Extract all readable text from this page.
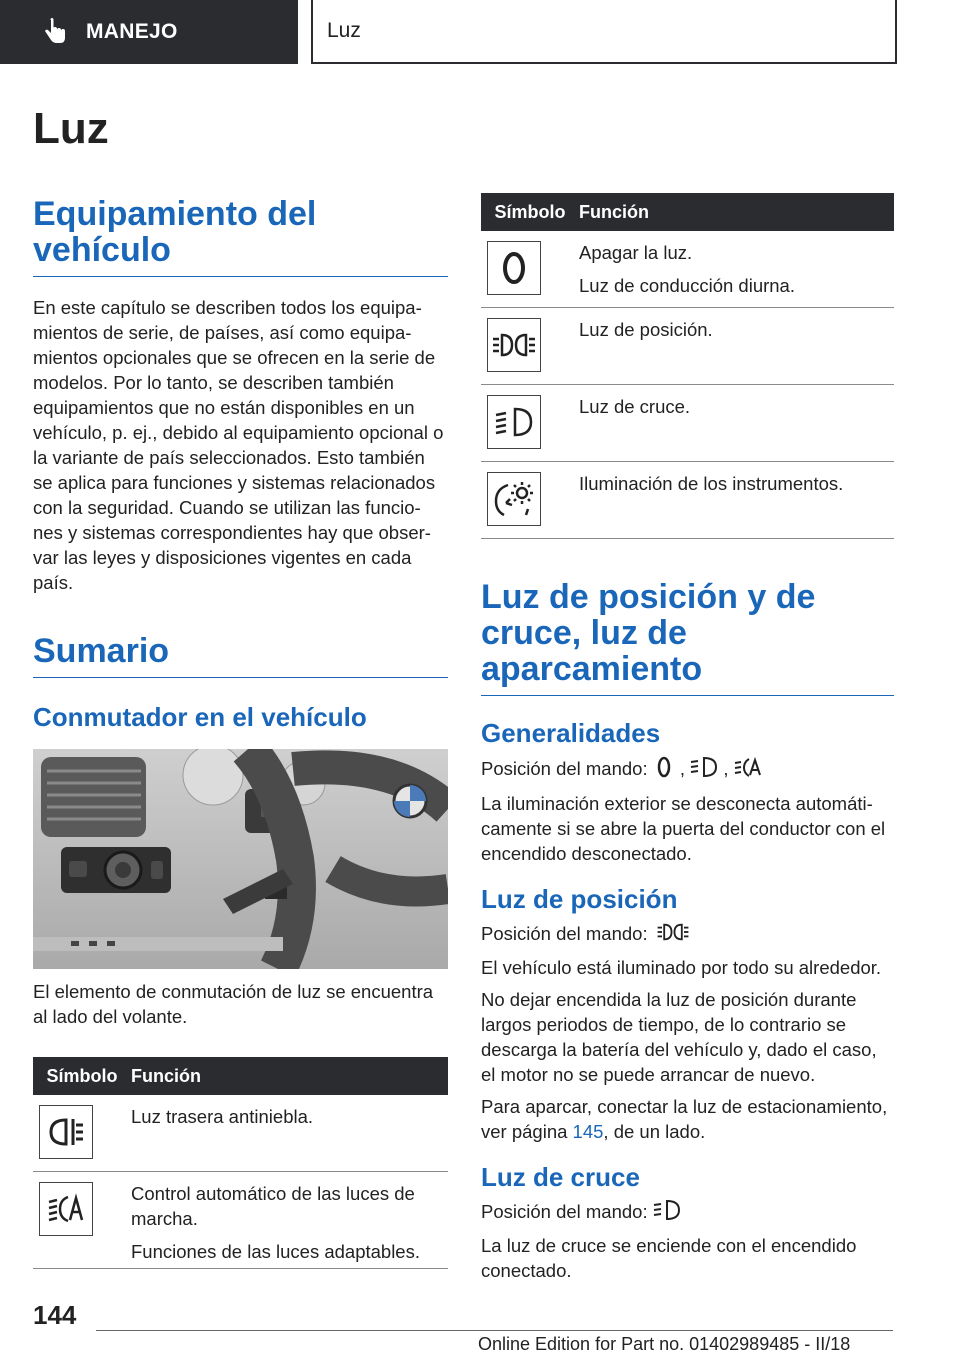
MANEJO	Luz
Luz
Equipamiento del vehículo

En este capítulo se describen todos los equipa-mientos de serie, de países, así como equipa-mientos opcionales que se ofrecen en la serie de modelos. Por lo tanto, se describen también equipamientos que no están disponibles en un vehículo, p. ej., debido al equipamiento opcional o la variante de país seleccionados. Esto también se aplica para funciones y sistemas relacionados con la seguridad. Cuando se utilizan las funcio-nes y sistemas correspondientes hay que obser-var las leyes y disposiciones vigentes en cada país.

Sumario
Conmutador en el vehículo

El elemento de conmutación de luz se encuentra al lado del volante.

Símbolo Función
Luz trasera antiniebla.
Control automático de las luces de marcha.
Funciones de las luces adaptables.
Símbolo Función
Apagar la luz.
Luz de conducción diurna.
Luz de posición.
Luz de cruce.
Iluminación de los instrumentos.
Luz de posición y de cruce, luz de aparcamiento
Generalidades

Posición del mando: , ,

La iluminación exterior se desconecta automáti-camente si se abre la puerta del conductor con el encendido desconectado.

Luz de posición

Posición del mando:

El vehículo está iluminado por todo su alrededor.

No dejar encendida la luz de posición durante largos periodos de tiempo, de lo contrario se descarga la batería del vehículo y, dado el caso, el motor no se puede arrancar de nuevo.

Para aparcar, conectar la luz de estacionamiento, ver página 145, de un lado.

Luz de cruce

Posición del mando:

La luz de cruce se enciende con el encendido conectado.

144
Online Edition for Part no. 01402989485 - II/18
